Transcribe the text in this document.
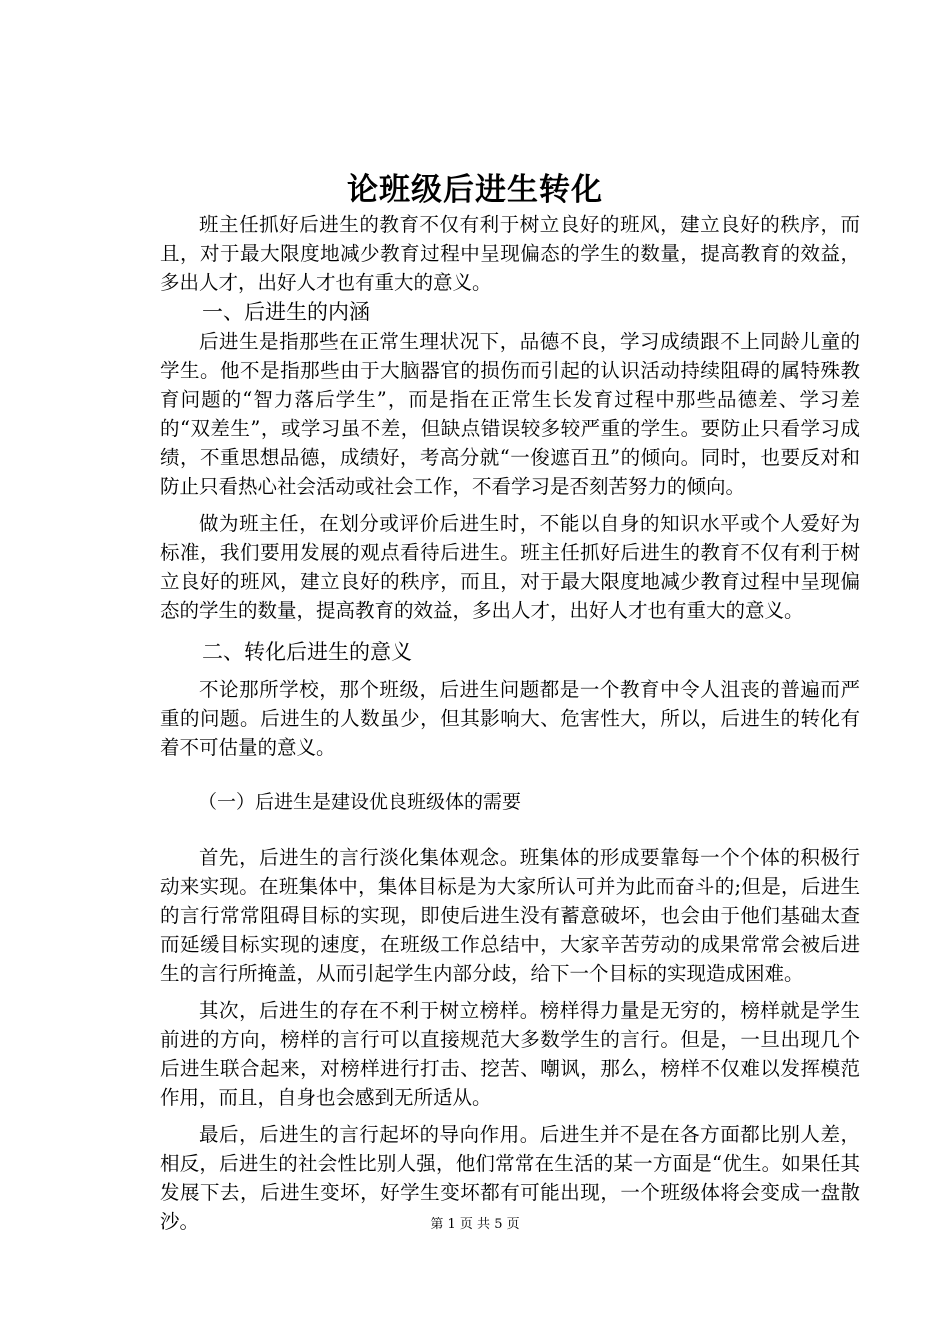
论班级后进生转化

班主任抓好后进生的教育不仅有利于树立良好的班风，建立良好的秩序，而且，对于最大限度地减少教育过程中呈现偏态的学生的数量，提高教育的效益，多出人才，出好人才也有重大的意义。

一、后进生的内涵

后进生是指那些在正常生理状况下，品德不良，学习成绩跟不上同龄儿童的学生。他不是指那些由于大脑器官的损伤而引起的认识活动持续阻碍的属特殊教育问题的“智力落后学生”，而是指在正常生长发育过程中那些品德差、学习差的“双差生”，或学习虽不差，但缺点错误较多较严重的学生。要防止只看学习成绩，不重思想品德，成绩好，考高分就“一俊遮百丑”的倾向。同时，也要反对和防止只看热心社会活动或社会工作，不看学习是否刻苦努力的倾向。

做为班主任，在划分或评价后进生时，不能以自身的知识水平或个人爱好为标准，我们要用发展的观点看待后进生。班主任抓好后进生的教育不仅有利于树立良好的班风，建立良好的秩序，而且，对于最大限度地减少教育过程中呈现偏态的学生的数量，提高教育的效益，多出人才，出好人才也有重大的意义。

二、转化后进生的意义

不论那所学校，那个班级，后进生问题都是一个教育中令人沮丧的普遍而严重的问题。后进生的人数虽少，但其影响大、危害性大，所以，后进生的转化有着不可估量的意义。

（一）后进生是建设优良班级体的需要

首先，后进生的言行淡化集体观念。班集体的形成要靠每一个个体的积极行动来实现。在班集体中，集体目标是为大家所认可并为此而奋斗的;但是，后进生的言行常常阻碍目标的实现，即使后进生没有蓄意破坏，也会由于他们基础太查而延缓目标实现的速度，在班级工作总结中，大家辛苦劳动的成果常常会被后进生的言行所掩盖，从而引起学生内部分歧，给下一个目标的实现造成困难。

其次，后进生的存在不利于树立榜样。榜样得力量是无穷的，榜样就是学生前进的方向，榜样的言行可以直接规范大多数学生的言行。但是，一旦出现几个后进生联合起来，对榜样进行打击、挖苦、嘲讽，那么，榜样不仅难以发挥模范作用，而且，自身也会感到无所适从。

最后，后进生的言行起坏的导向作用。后进生并不是在各方面都比别人差，相反，后进生的社会性比别人强，他们常常在生活的某一方面是“优生。如果任其发展下去，后进生变坏，好学生变坏都有可能出现，一个班级体将会变成一盘散沙。	第 1 页 共 5 页
